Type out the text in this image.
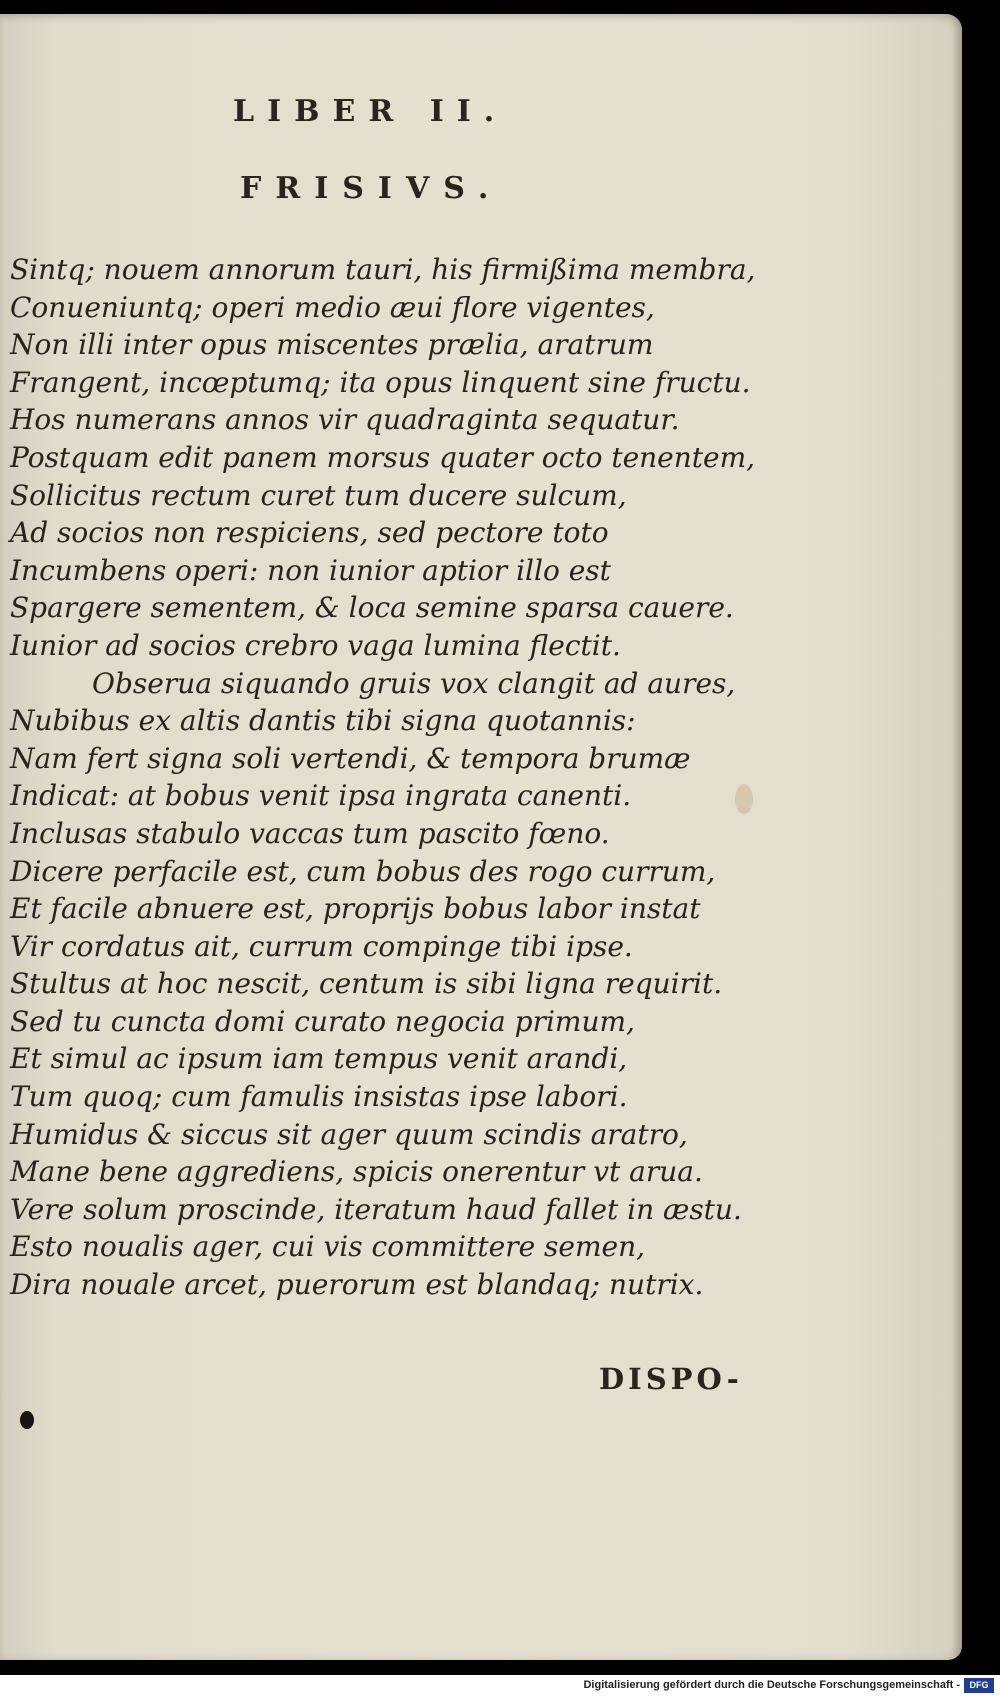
LIBER II.
FRISIVS.
Sintq; nouem annorum tauri, his firmißima membra,
Conueniuntq; operi medio æui flore vigentes,
Non illi inter opus miscentes prælia, aratrum
Frangent, incœptumq; ita opus linquent sine fructu.
Hos numerans annos vir quadraginta sequatur.
Postquam edit panem morsus quater octo tenentem,
Sollicitus rectum curet tum ducere sulcum,
Ad socios non respiciens, sed pectore toto
Incumbens operi: non iunior aptior illo est
Spargere sementem, & loca semine sparsa cauere.
Iunior ad socios crebro vaga lumina flectit.
Obserua siquando gruis vox clangit ad aures,
Nubibus ex altis dantis tibi signa quotannis:
Nam fert signa soli vertendi, & tempora brumæ
Indicat: at bobus venit ipsa ingrata canenti.
Inclusas stabulo vaccas tum pascito fœno.
Dicere perfacile est, cum bobus des rogo currum,
Et facile abnuere est, proprijs bobus labor instat
Vir cordatus ait, currum compinge tibi ipse.
Stultus at hoc nescit, centum is sibi ligna requirit.
Sed tu cuncta domi curato negocia primum,
Et simul ac ipsum iam tempus venit arandi,
Tum quoq; cum famulis insistas ipse labori.
Humidus & siccus sit ager quum scindis aratro,
Mane bene aggrediens, spicis onerentur vt arua.
Vere solum proscinde, iteratum haud fallet in æstu.
Esto noualis ager, cui vis committere semen,
Dira nouale arcet, puerorum est blandaq; nutrix.

DISPO-

Digitalisierung gefördert durch die Deutsche Forschungsgemeinschaft -	DFG
